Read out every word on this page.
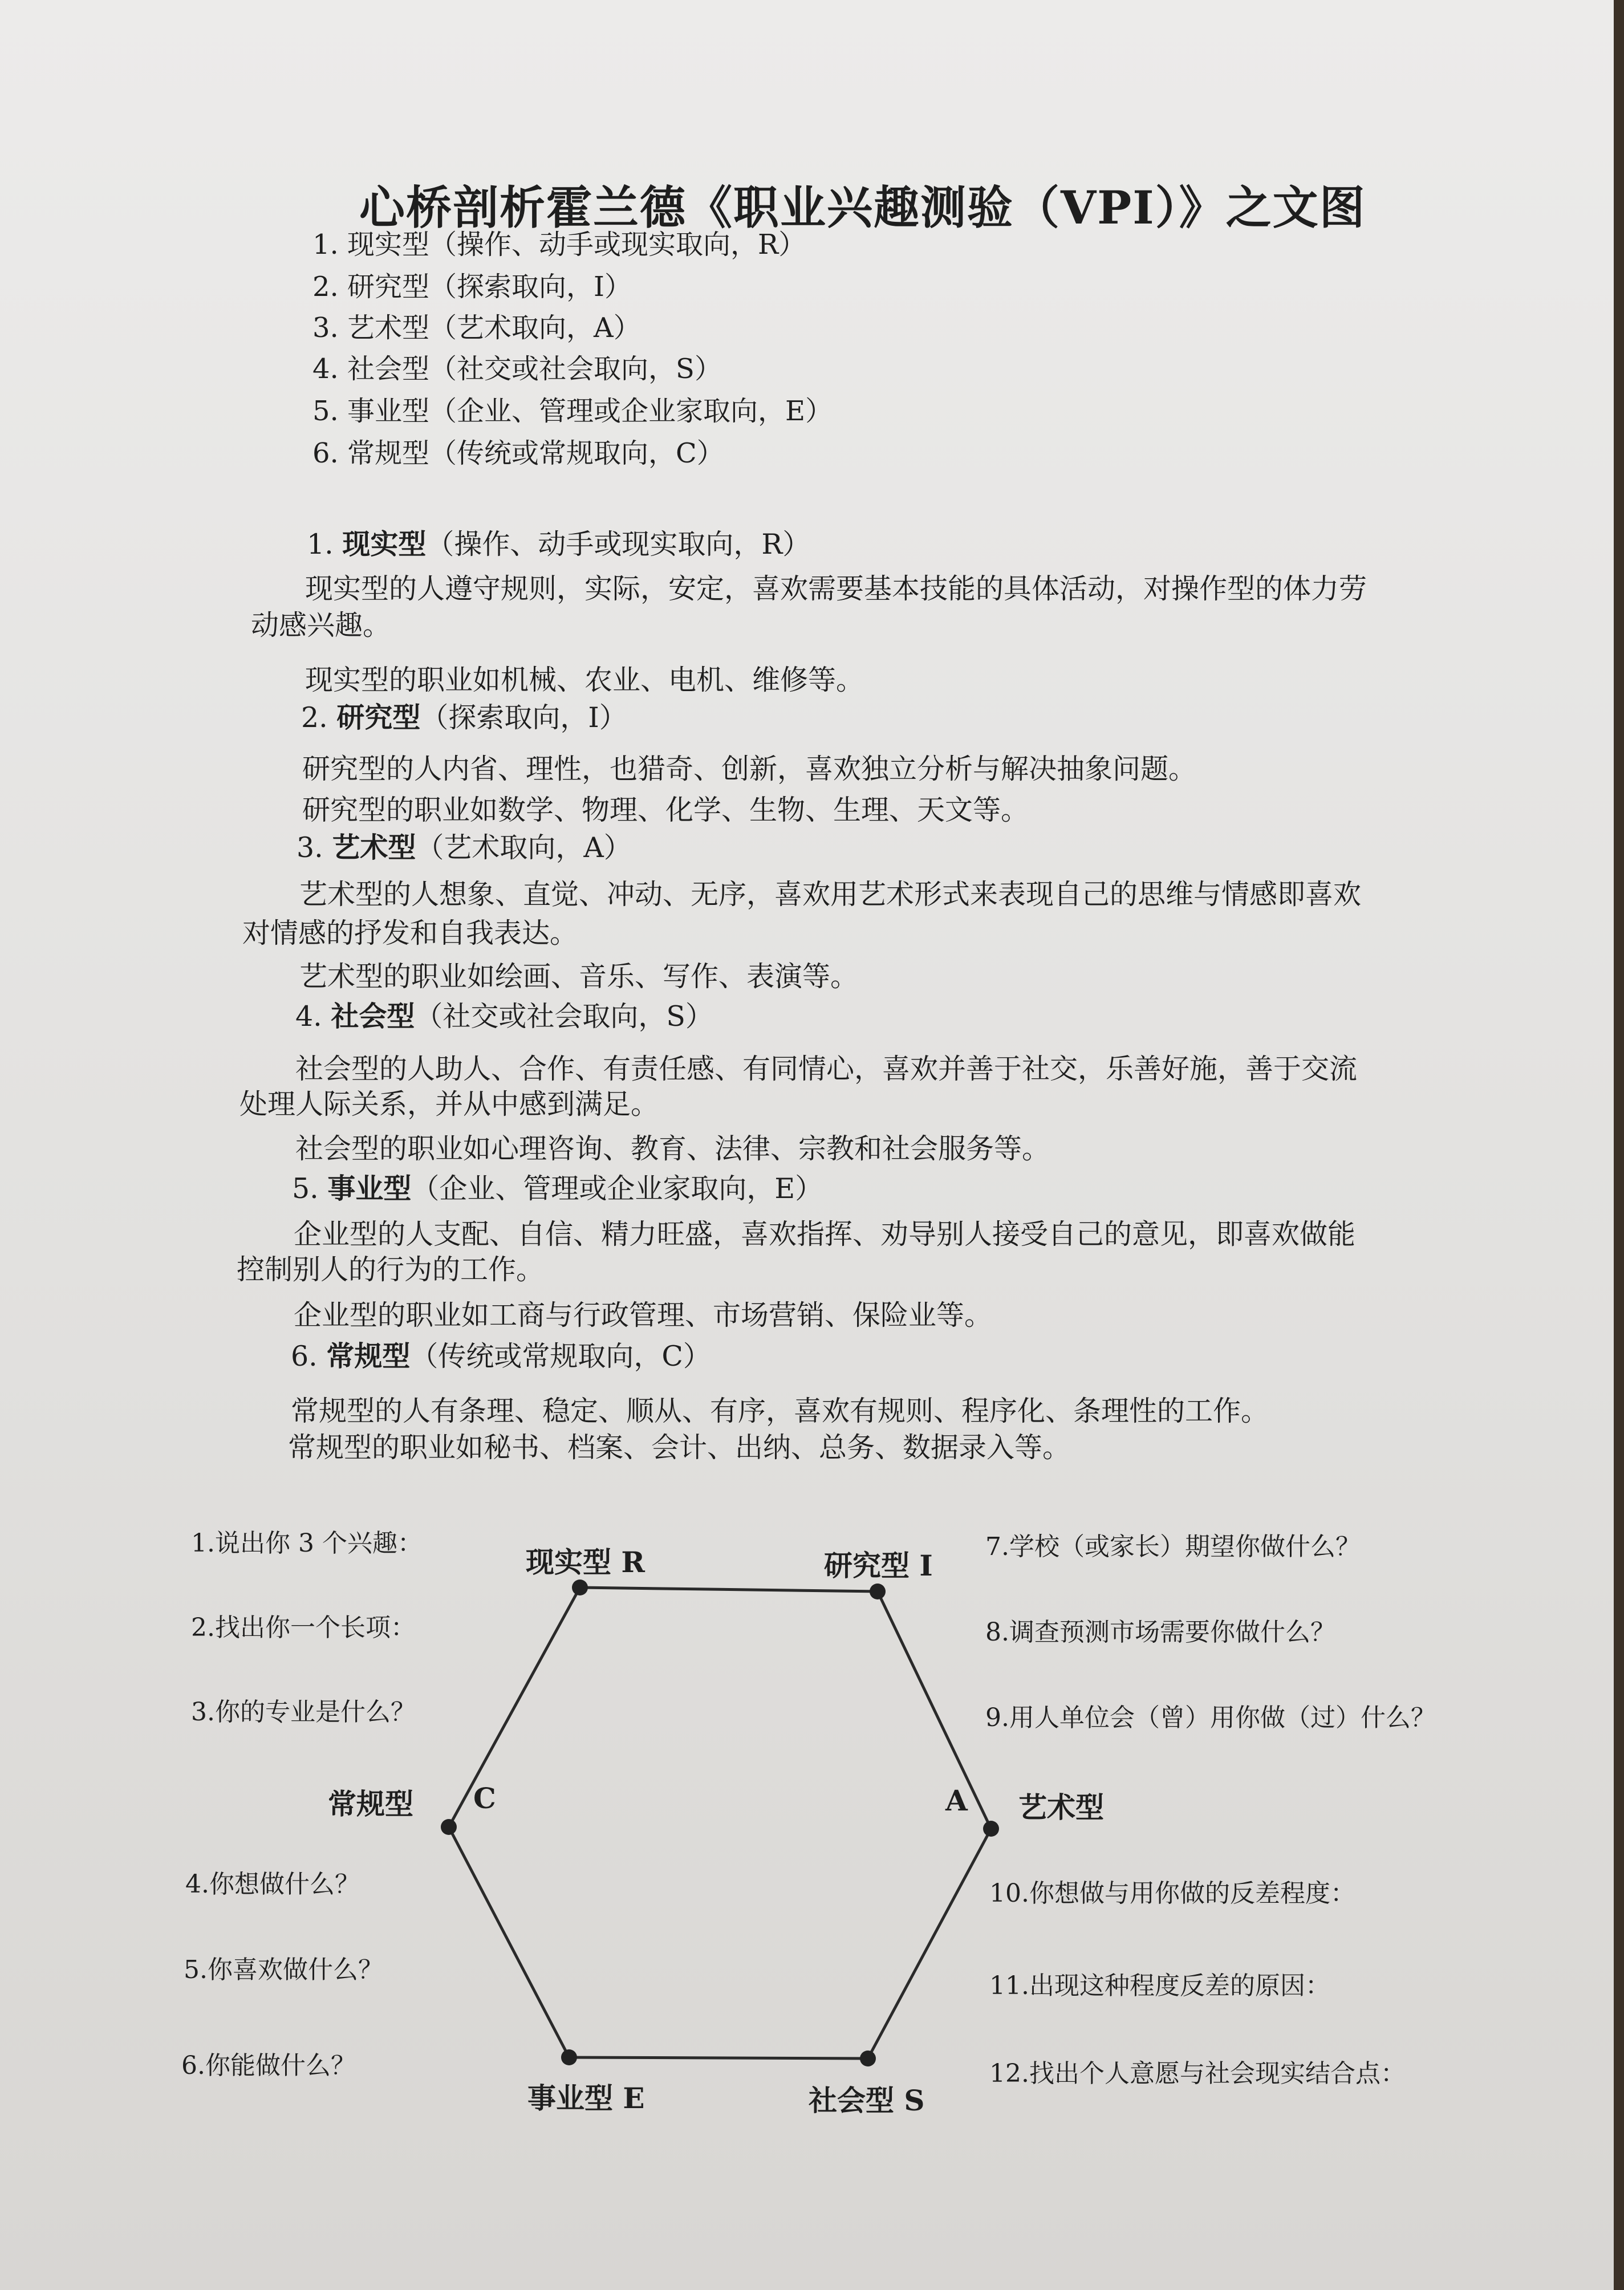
心桥剖析霍兰德《职业兴趣测验（VPI）》之文图
1. 现实型（操作、动手或现实取向，R）
2. 研究型（探索取向，I）
3. 艺术型（艺术取向，A）
4. 社会型（社交或社会取向，S）
5. 事业型（企业、管理或企业家取向，E）
6. 常规型（传统或常规取向，C）
1. 现实型（操作、动手或现实取向，R）
现实型的人遵守规则，实际，安定，喜欢需要基本技能的具体活动，对操作型的体力劳
动感兴趣。
现实型的职业如机械、农业、电机、维修等。
2. 研究型（探索取向，I）
研究型的人内省、理性，也猎奇、创新，喜欢独立分析与解决抽象问题。
研究型的职业如数学、物理、化学、生物、生理、天文等。
3. 艺术型（艺术取向，A）
艺术型的人想象、直觉、冲动、无序，喜欢用艺术形式来表现自己的思维与情感即喜欢
对情感的抒发和自我表达。
艺术型的职业如绘画、音乐、写作、表演等。
4. 社会型（社交或社会取向，S）
社会型的人助人、合作、有责任感、有同情心，喜欢并善于社交，乐善好施，善于交流
处理人际关系，并从中感到满足。
社会型的职业如心理咨询、教育、法律、宗教和社会服务等。
5. 事业型（企业、管理或企业家取向，E）
企业型的人支配、自信、精力旺盛，喜欢指挥、劝导别人接受自己的意见，即喜欢做能
控制别人的行为的工作。
企业型的职业如工商与行政管理、市场营销、保险业等。
6. 常规型（传统或常规取向，C）
常规型的人有条理、稳定、顺从、有序，喜欢有规则、程序化、条理性的工作。
常规型的职业如秘书、档案、会计、出纳、总务、数据录入等。
现实型 R	研究型 I
A 艺术型
常规型 C
事业型 E	社会型 S
1.说出你 3 个兴趣：
2.找出你一个长项：
3.你的专业是什么？
4.你想做什么？
5.你喜欢做什么？
6.你能做什么？
7.学校（或家长）期望你做什么？
8.调查预测市场需要你做什么？
9.用人单位会（曾）用你做（过）什么？
10.你想做与用你做的反差程度：
11.出现这种程度反差的原因：
12.找出个人意愿与社会现实结合点：
